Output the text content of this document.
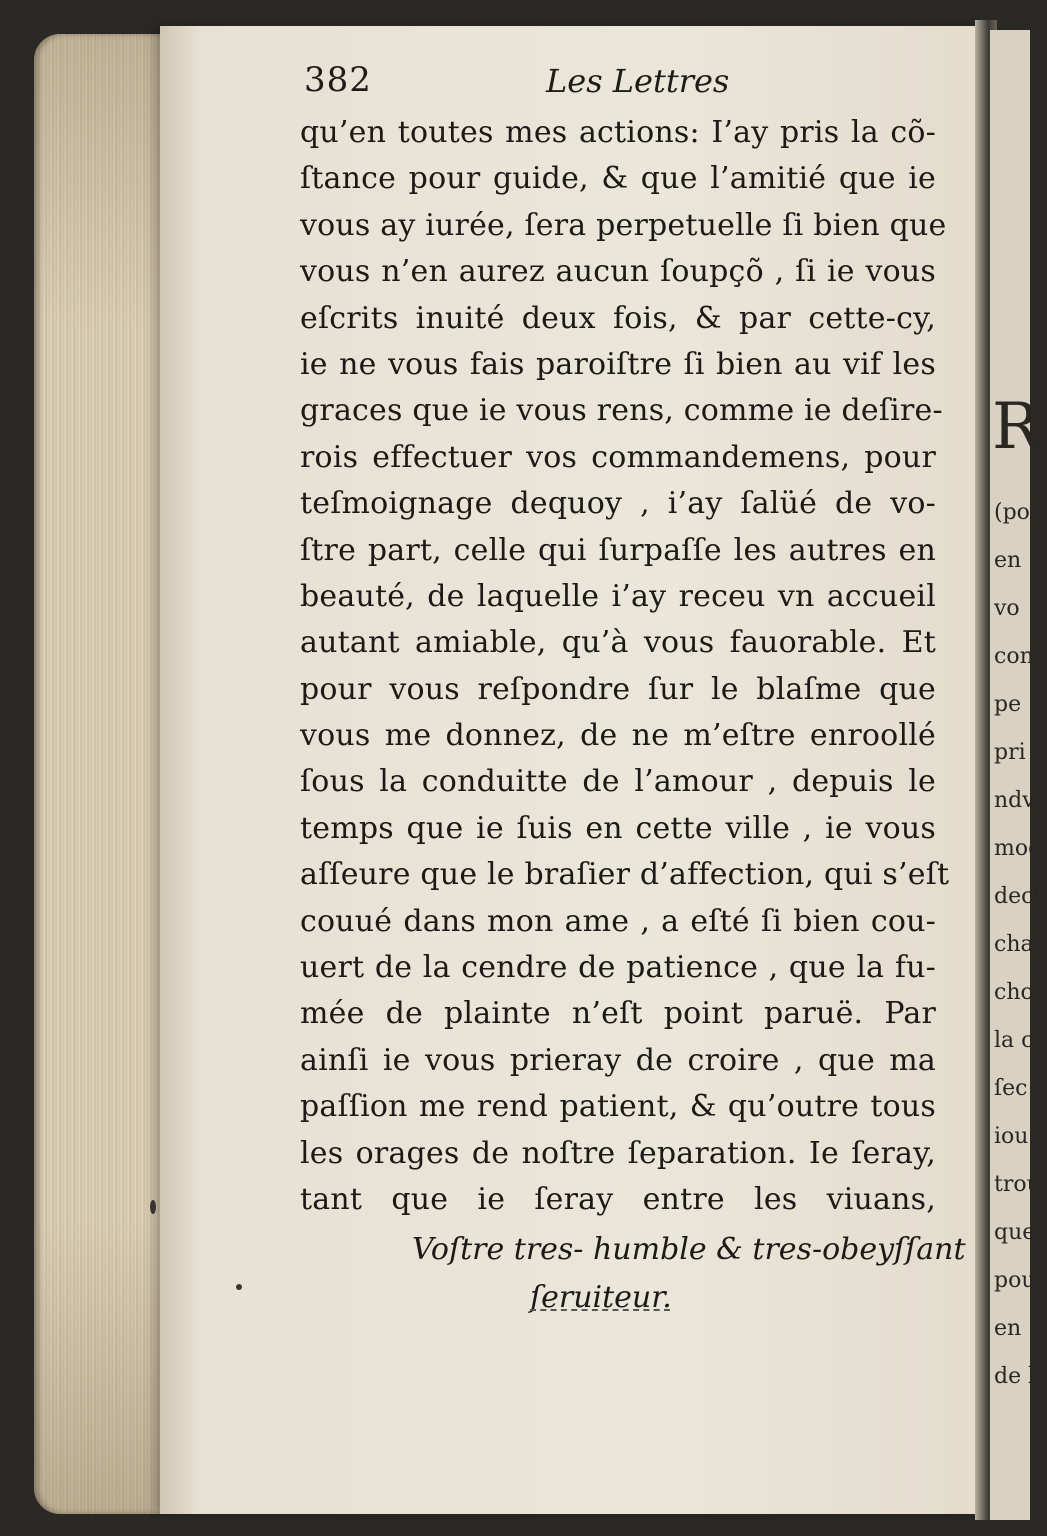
R
(pou
en
vo
con
pe
pri
ndv
mod
decl
chae
cho
la c
ſec
iou
trou
que
pou
en
de l
382	Les Lettres
qu’en toutes mes actions: I’ay pris la cõ-
ſtance pour guide, & que l’amitié que ie
vous ay iurée, ſera perpetuelle ſi bien que
vous n’en aurez aucun ſoupçõ , ſi ie vous
eſcrits inuité deux fois, & par cette-cy,
ie ne vous fais paroiſtre ſi bien au vif les
graces que ie vous rens, comme ie deſire-
rois effectuer vos commandemens, pour
teſmoignage dequoy , i’ay ſalüé de vo-
ſtre part, celle qui ſurpaſſe les autres en
beauté, de laquelle i’ay receu vn accueil
autant amiable, qu’à vous fauorable. Et
pour vous reſpondre ſur le blaſme que
vous me donnez, de ne m’eſtre enroollé
ſous la conduitte de l’amour , depuis le
temps que ie ſuis en cette ville , ie vous
aſſeure que le braſier d’affection, qui s’eſt
couué dans mon ame , a eſté ſi bien cou-
uert de la cendre de patience , que la fu-
mée de plainte n’eſt point paruë. Par
ainſi ie vous prieray de croire , que ma
paſſion me rend patient, & qu’outre tous
les orages de noſtre ſeparation. Ie ſeray,
tant que ie ſeray entre les viuans,
Voſtre tres- humble & tres-obeyſſant
ſeruiteur.
